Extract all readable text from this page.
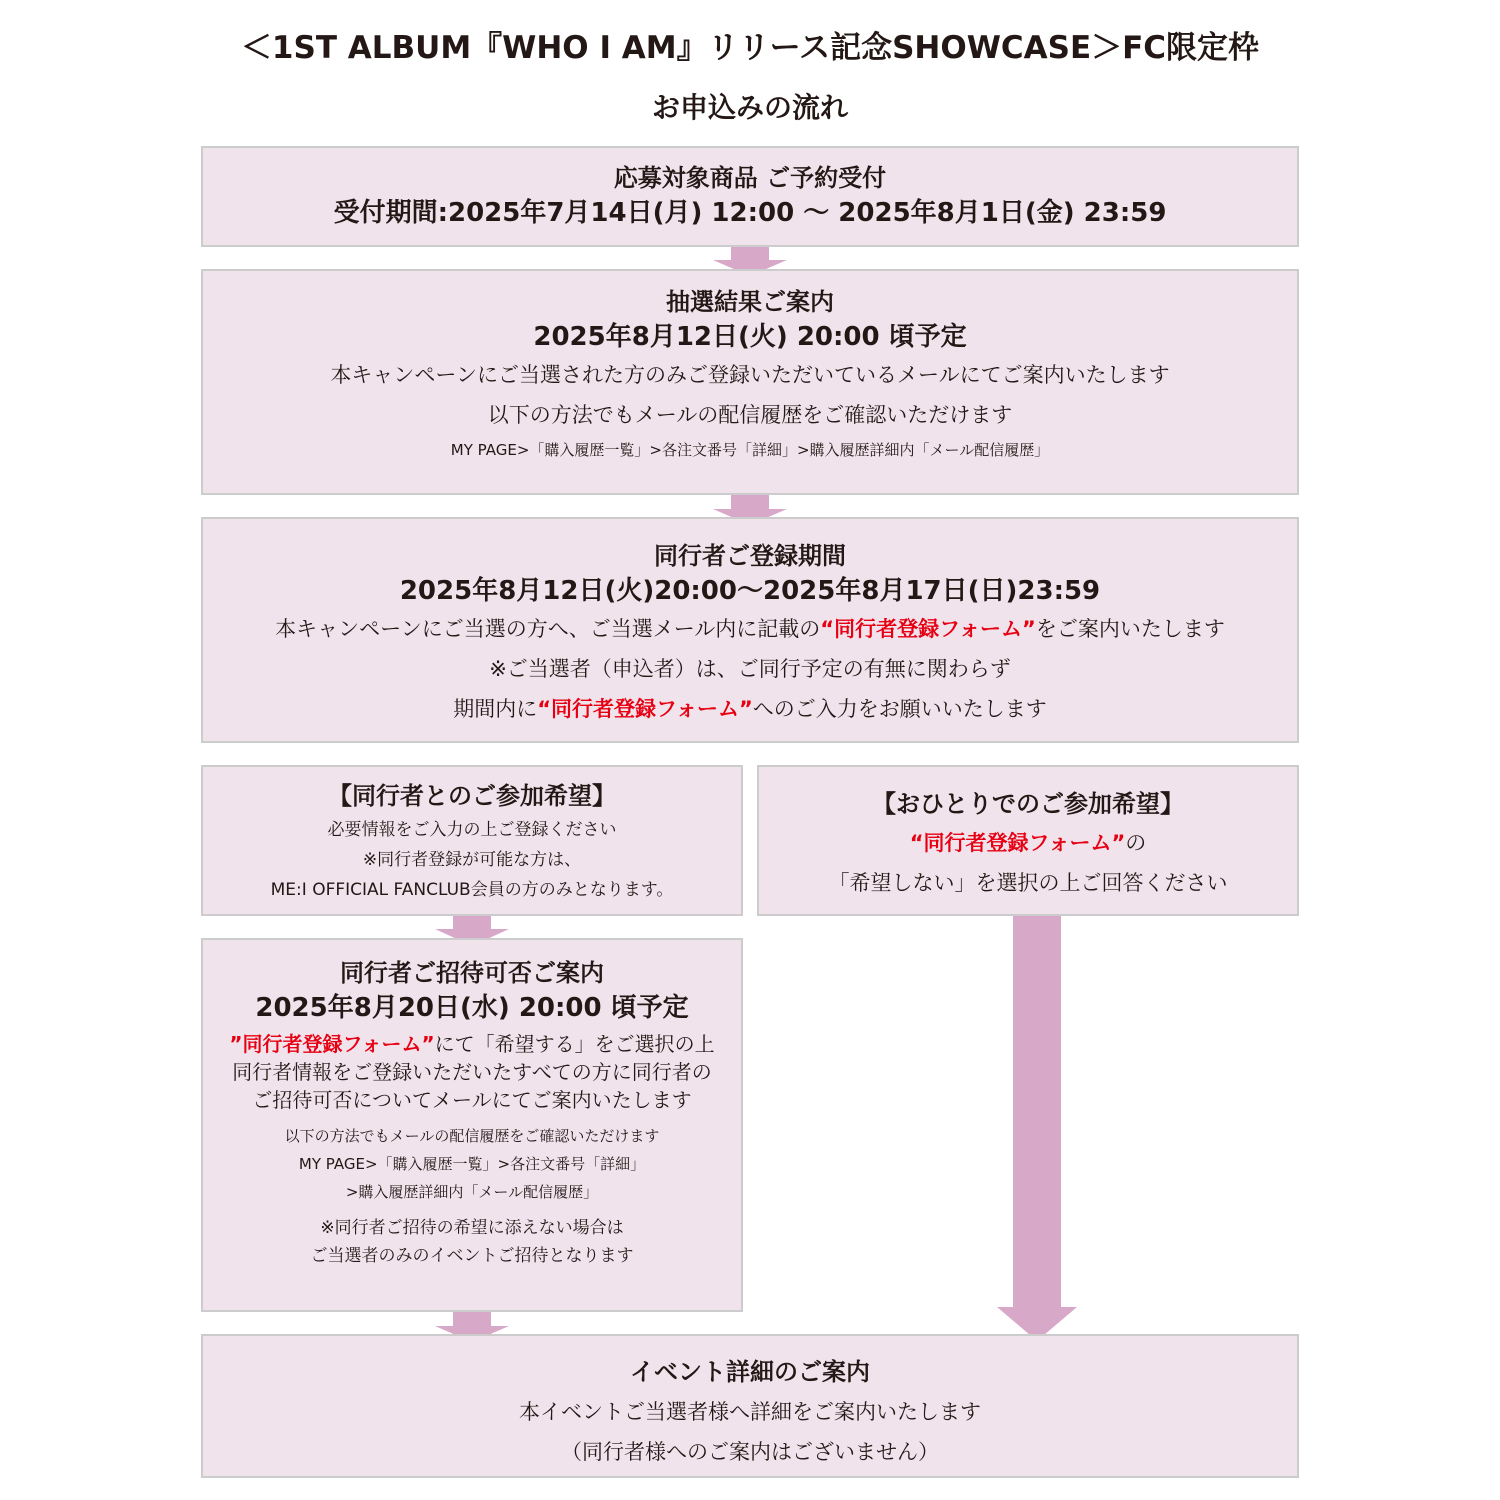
＜1ST ALBUM『WHO I AM』リリース記念SHOWCASE＞FC限定枠
お申込みの流れ
応募対象商品 ご予約受付
受付期間:2025年7月14日(月) 12:00 ～ 2025年8月1日(金) 23:59
抽選結果ご案内
2025年8月12日(火) 20:00 頃予定
本キャンペーンにご当選された方のみご登録いただいているメールにてご案内いたします
以下の方法でもメールの配信履歴をご確認いただけます
MY PAGE>「購入履歴一覧」>各注文番号「詳細」>購入履歴詳細内「メール配信履歴」
同行者ご登録期間
2025年8月12日(火)20:00～2025年8月17日(日)23:59
本キャンペーンにご当選の方へ、ご当選メール内に記載の“同行者登録フォーム”をご案内いたします
※ご当選者（申込者）は、ご同行予定の有無に関わらず
期間内に“同行者登録フォーム”へのご入力をお願いいたします
【同行者とのご参加希望】
必要情報をご入力の上ご登録ください
※同行者登録が可能な方は、
ME:I OFFICIAL FANCLUB会員の方のみとなります。
【おひとりでのご参加希望】
“同行者登録フォーム”の
「希望しない」を選択の上ご回答ください
同行者ご招待可否ご案内
2025年8月20日(水) 20:00 頃予定
”同行者登録フォーム”にて「希望する」をご選択の上
同行者情報をご登録いただいたすべての方に同行者の
ご招待可否についてメールにてご案内いたします
以下の方法でもメールの配信履歴をご確認いただけます
MY PAGE>「購入履歴一覧」>各注文番号「詳細」
>購入履歴詳細内「メール配信履歴」
※同行者ご招待の希望に添えない場合は
ご当選者のみのイベントご招待となります
イベント詳細のご案内
本イベントご当選者様へ詳細をご案内いたします
（同行者様へのご案内はございません）
